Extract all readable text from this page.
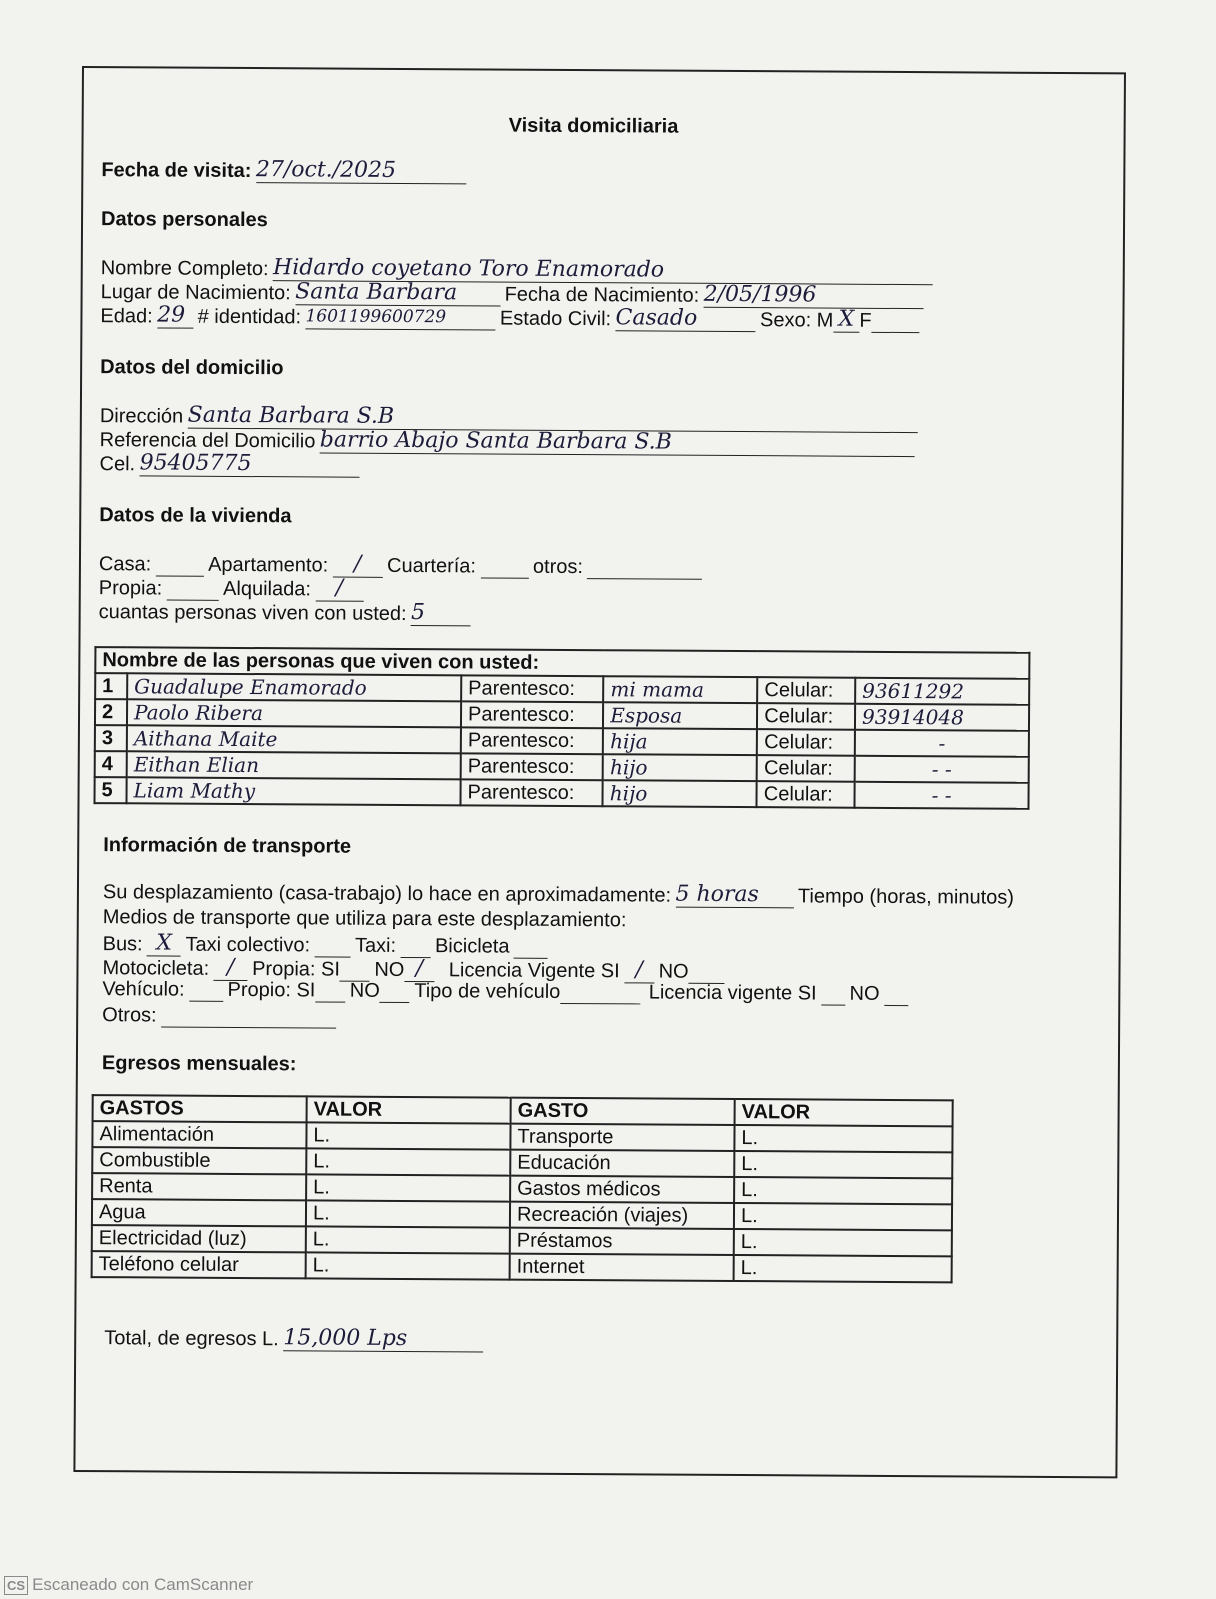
Visita domiciliaria
Fecha de visita: 27/oct./2025
Datos personales
Nombre Completo: Hidardo coyetano Toro Enamorado
Lugar de Nacimiento: Santa Barbara Fecha de Nacimiento: 2/05/1996
Edad: 29 # identidad: 1601199600729	Estado Civil: Casado	Sexo: M X F
Datos del domicilio
Dirección Santa Barbara S.B
Referencia del Domicilio barrio Abajo Santa Barbara S.B
Cel. 95405775
Datos de la vivienda
Casa:	Apartamento: / Cuartería:	otros:
Propia:	Alquilada: /
cuantas personas viven con usted: 5
Nombre de las personas que viven con usted:					
1	Guadalupe Enamorado	Parentesco:	mi mama	Celular:	93611292
2	Paolo Ribera	Parentesco:	Esposa	Celular:	93914048
3	Aithana Maite	Parentesco:	hija	Celular:	-
4	Eithan Elian	Parentesco:	hijo	Celular:	- -
5	Liam Mathy	Parentesco:	hijo	Celular:	- -
Información de transporte
Su desplazamiento (casa-trabajo) lo hace en aproximadamente: 5 horas Tiempo (horas, minutos)
Medios de transporte que utiliza para este desplazamiento:
Bus: X Taxi colectivo: Taxi: Bicicleta
Motocicleta: / Propia: SI NO / Licencia Vigente SI / NO
Vehículo: Propio: SI NO Tipo de vehículo	Licencia vigente SI NO
Otros:
Egresos mensuales:
GASTOS	VALOR	GASTO	VALOR
Alimentación	L.	Transporte	L.
Combustible	L.	Educación	L.
Renta	L.	Gastos médicos	L.
Agua	L.	Recreación (viajes)	L.
Electricidad (luz)	L.	Préstamos	L.
Teléfono celular	L.	Internet	L.
Total, de egresos L. 15,000 Lps
CS Escaneado con CamScanner
